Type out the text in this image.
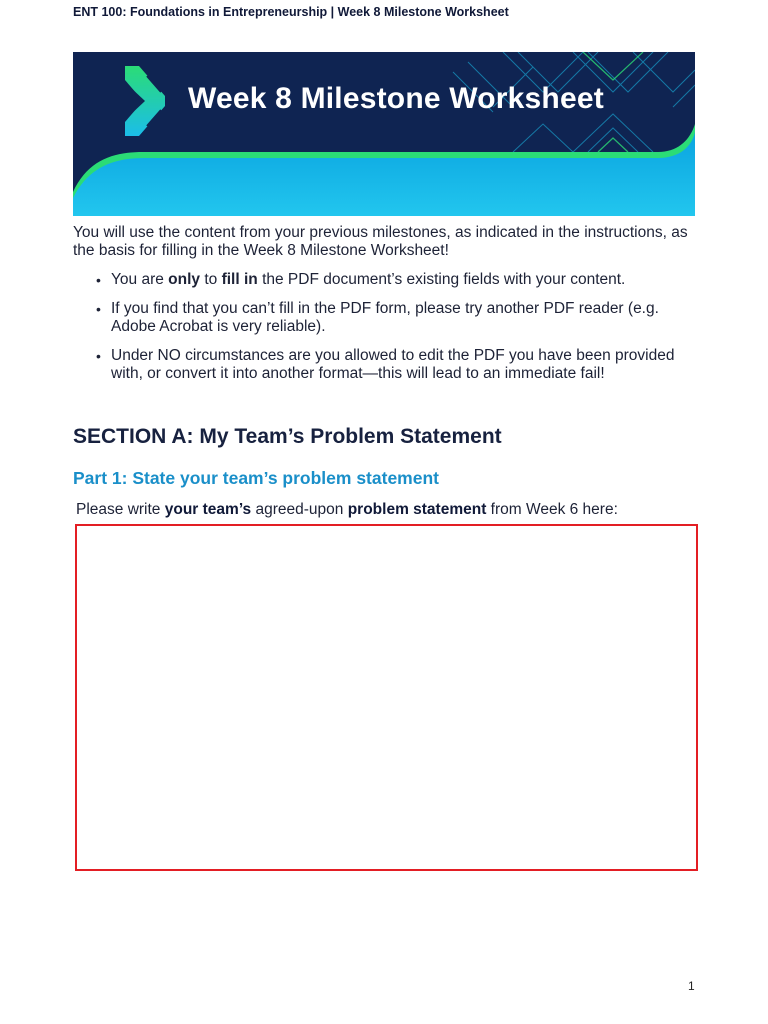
ENT 100: Foundations in Entrepreneurship | Week 8 Milestone Worksheet
Week 8 Milestone Worksheet
You will use the content from your previous milestones, as indicated in the instructions, as the basis for filling in the Week 8 Milestone Worksheet!
• You are only to fill in the PDF document’s existing fields with your content.
• If you find that you can’t fill in the PDF form, please try another PDF reader (e.g. Adobe Acrobat is very reliable).
• Under NO circumstances are you allowed to edit the PDF you have been provided with, or convert it into another format—this will lead to an immediate fail!
SECTION A: My Team’s Problem Statement
Part 1: State your team’s problem statement
Please write your team’s agreed-upon problem statement from Week 6 here:
1
